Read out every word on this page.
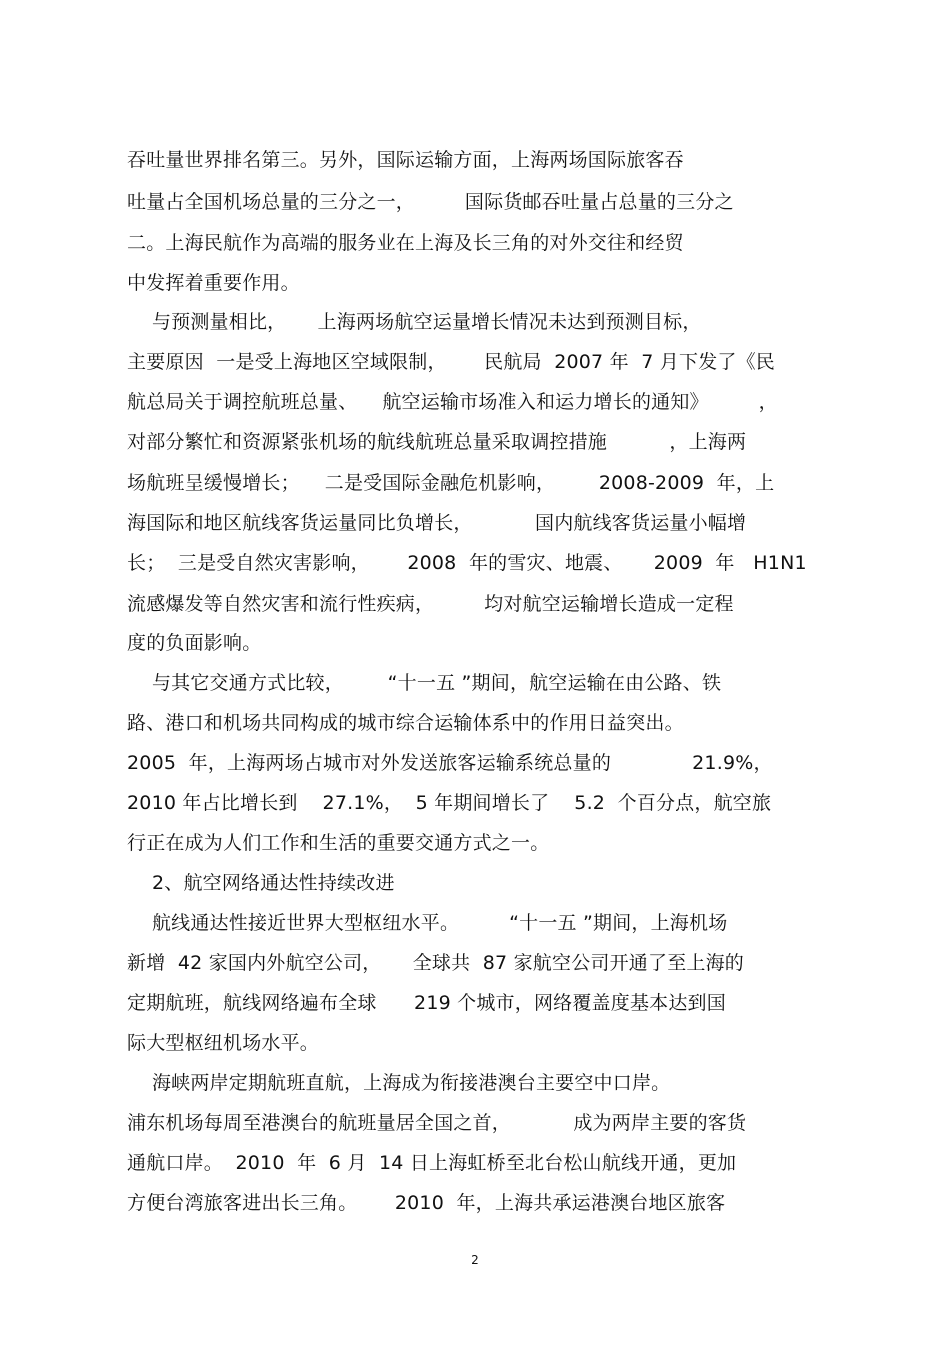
吞吐量世界排名第三。另外，国际运输方面，上海两场国际旅客吞
吐量占全国机场总量的三分之一，        国际货邮吞吐量占总量的三分之
二。上海民航作为高端的服务业在上海及长三角的对外交往和经贸
中发挥着重要作用。
与预测量相比，     上海两场航空运量增长情况未达到预测目标，
主要原因  一是受上海地区空域限制，      民航局  2007 年  7 月下发了《民
航总局关于调控航班总量、    航空运输市场准入和运力增长的通知》        ，
对部分繁忙和资源紧张机场的航线航班总量采取调控措施          ，上海两
场航班呈缓慢增长；    二是受国际金融危机影响，       2008-2009  年，上
海国际和地区航线客货运量同比负增长，          国内航线客货运量小幅增
长；  三是受自然灾害影响，      2008  年的雪灾、地震、     2009  年   H1N1
流感爆发等自然灾害和流行性疾病，        均对航空运输增长造成一定程
度的负面影响。
与其它交通方式比较，       “十一五 ”期间，航空运输在由公路、铁
路、港口和机场共同构成的城市综合运输体系中的作用日益突出。
2005  年，上海两场占城市对外发送旅客运输系统总量的             21.9%，
2010 年占比增长到    27.1%，  5 年期间增长了    5.2  个百分点，航空旅
行正在成为人们工作和生活的重要交通方式之一。
2、航空网络通达性持续改进
航线通达性接近世界大型枢纽水平。        “十一五 ”期间，上海机场
新增  42 家国内外航空公司，     全球共  87 家航空公司开通了至上海的
定期航班，航线网络遍布全球      219 个城市，网络覆盖度基本达到国
际大型枢纽机场水平。
海峡两岸定期航班直航，上海成为衔接港澳台主要空中口岸。
浦东机场每周至港澳台的航班量居全国之首，          成为两岸主要的客货
通航口岸。  2010  年  6 月  14 日上海虹桥至北台松山航线开通，更加
方便台湾旅客进出长三角。      2010  年，上海共承运港澳台地区旅客
2
